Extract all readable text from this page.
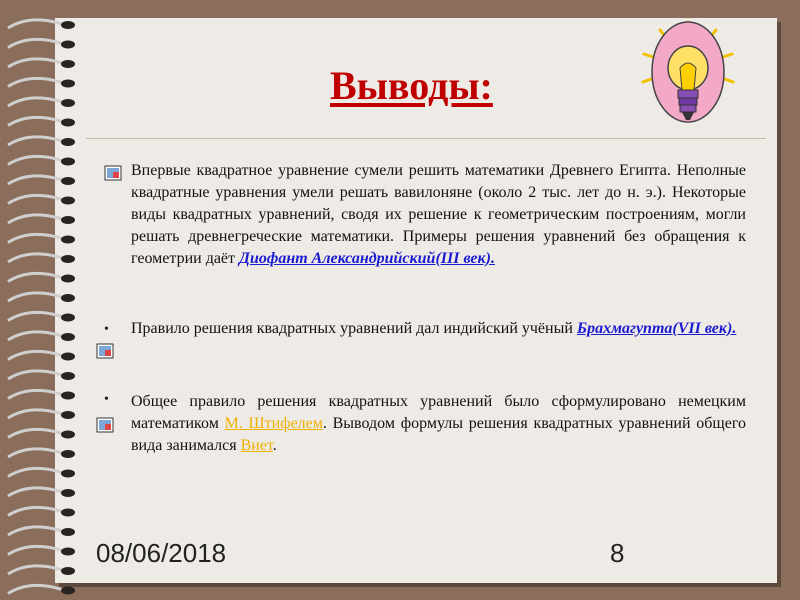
Выводы:
Впервые квадратное уравнение сумели решить математики Древнего Египта. Неполные квадратные уравнения умели решать вавилоняне (около 2 тыс. лет до н. э.). Некоторые виды квадратных уравнений, сводя их решение к геометрическим построениям, могли решать древнегреческие математики. Примеры решения уравнений без обращения к геометрии даёт Диофант Александрийский(III век).
• Правило решения квадратных уравнений дал индийский учёный Брахмагупта(VII век).
• Общее правило решения квадратных уравнений было сформулировано немецким математиком М. Штифелем. Выводом формулы решения квадратных уравнений общего вида занимался Виет.
08/06/2018	8
